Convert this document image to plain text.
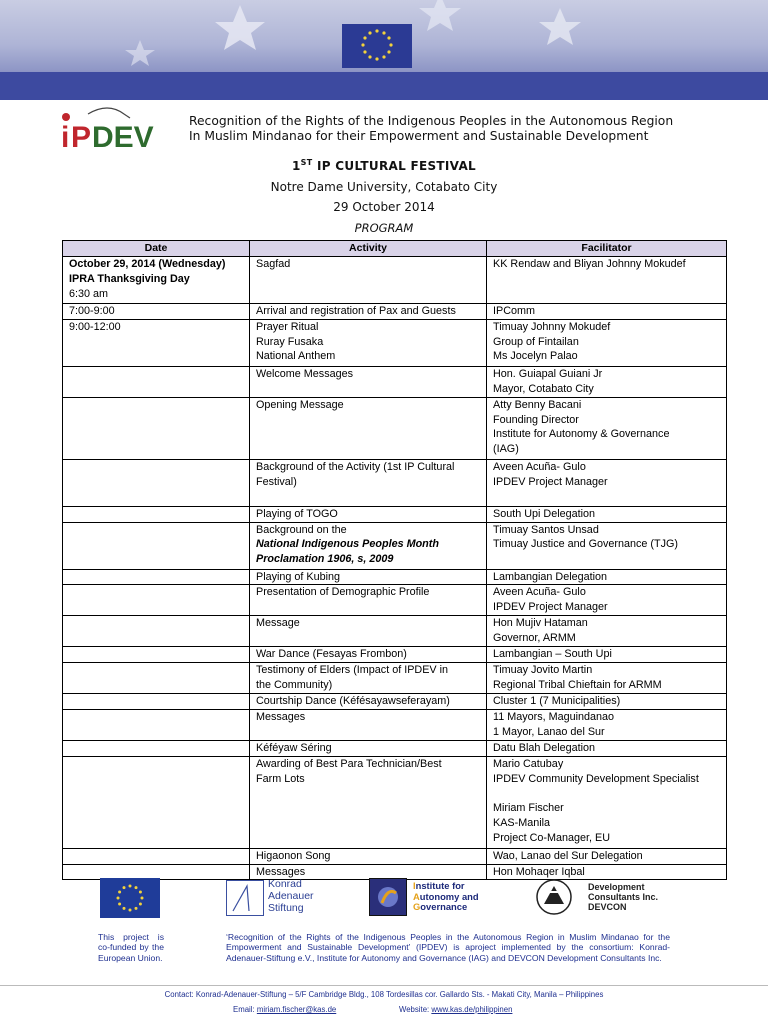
i P DEV	Recognition of the Rights of the Indigenous Peoples in the Autonomous Region
In Muslim Mindanao for their Empowerment and Sustainable Development
1ST IP CULTURAL FESTIVAL
Notre Dame University, Cotabato City
29 October 2014
PROGRAM
Date	Activity	Facilitator

October 29, 2014 (Wednesday)
IPRA Thanksgiving Day
6:30 am	Sagfad	KK Rendaw and Bliyan Johnny Mokudef

7:00-9:00	Arrival and registration of Pax and Guests	IPComm

9:00-12:00	Prayer Ritual
Ruray Fusaka
National Anthem	Timuay Johnny Mokudef
Group of Fintailan
Ms Jocelyn Palao

	Welcome Messages	Hon. Guiapal Guiani Jr
Mayor, Cotabato City

	Opening Message	Atty Benny Bacani
Founding Director
Institute for Autonomy & Governance
(IAG)

	Background of the Activity (1st IP Cultural
Festival)	Aveen Acuña- Gulo
IPDEV Project Manager

	Playing of TOGO	South Upi Delegation

	Background on the
National Indigenous Peoples Month
Proclamation 1906, s, 2009	Timuay Santos Unsad
Timuay Justice and Governance (TJG)

	Playing of Kubing	Lambangian Delegation

	Presentation of Demographic Profile	Aveen Acuña- Gulo
IPDEV Project Manager

	Message	Hon Mujiv Hataman
Governor, ARMM

	War Dance (Fesayas Frombon)	Lambangian – South Upi

	Testimony of Elders (Impact of IPDEV in
the Community)	Timuay Jovito Martin
Regional Tribal Chieftain for ARMM

	Courtship Dance (Kéfésayawseferayam)	Cluster 1 (7 Municipalities)

	Messages	11 Mayors, Maguindanao
1 Mayor, Lanao del Sur

	Kéféyaw Séring	Datu Blah Delegation

	Awarding of Best Para Technician/Best
Farm Lots	Mario Catubay
IPDEV Community Development Specialist
Miriam Fischer
KAS-Manila
Project Co-Manager, EU

	Higaonon Song	Wao, Lanao del Sur Delegation

	Messages	Hon Mohaqer Iqbal
Konrad
Adenauer
Stiftung
Institute for
Autonomy and
Governance
Development
Consultants Inc.
DEVCON
This project is co-funded by the European Union.
‘Recognition of the Rights of the Indigenous Peoples in the Autonomous Region in Muslim Mindanao for the Empowerment and Sustainable Development’ (IPDEV) is aproject implemented by the consortium: Konrad-Adenauer-Stiftung e.V., Institute for Autonomy and Governance (IAG) and DEVCON Development Consultants Inc.
Contact: Konrad-Adenauer-Stiftung – 5/F Cambridge Bldg., 108 Tordesillas cor. Gallardo Sts. - Makati City, Manila – Philippines
Email: miriam.fischer@kas.de	Website: www.kas.de/philippinen
